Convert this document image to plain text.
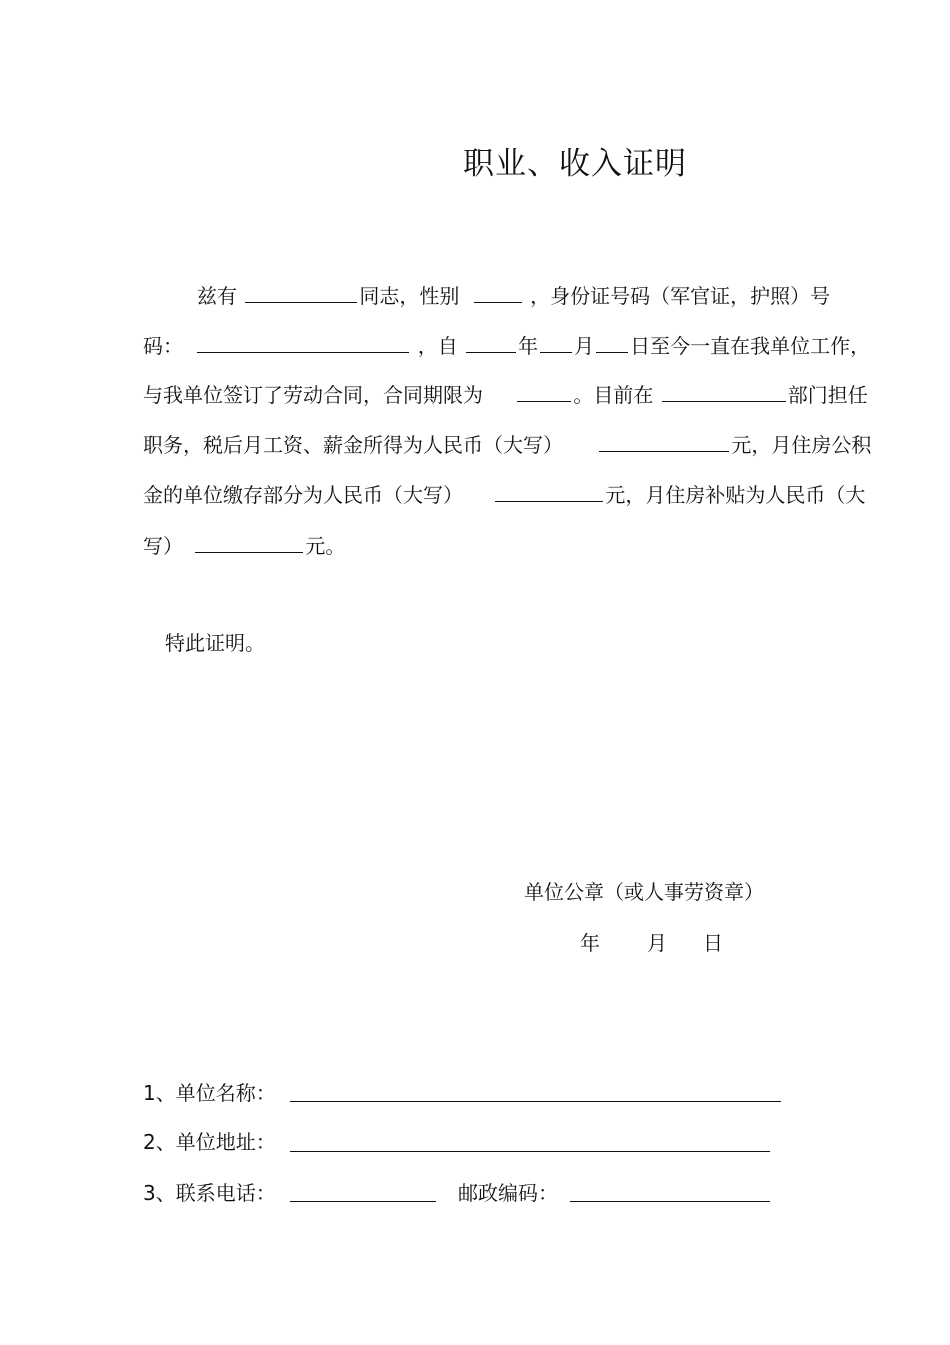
职业、收入证明
兹有	同志，性别	，身份证号码（军官证，护照）号
码：	，自	年 月 日至今一直在我单位工作，
与我单位签订了劳动合同，合同期限为	。目前在	部门担任
职务，税后月工资、薪金所得为人民币（大写）	元，月住房公积
金的单位缴存部分为人民币（大写）	元，月住房补贴为人民币（大
写）	元。
特此证明。
单位公章（或人事劳资章）
年 月 日
1、单位名称：
2、单位地址：
3、联系电话：	邮政编码：
